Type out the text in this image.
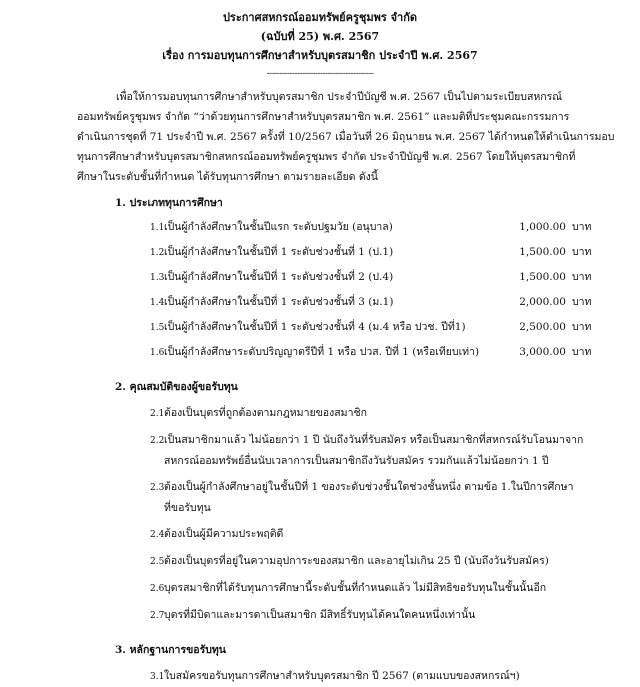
ประกาศสหกรณ์ออมทรัพย์ครูชุมพร จำกัด
(ฉบับที่ 25) พ.ศ. 2567
เรื่อง การมอบทุนการศึกษาสำหรับบุตรสมาชิก ประจำปี พ.ศ. 2567
------------------------------------------
เพื่อให้การมอบทุนการศึกษาสำหรับบุตรสมาชิก ประจำปีบัญชี พ.ศ. 2567 เป็นไปตามระเบียบสหกรณ์
ออมทรัพย์ครูชุมพร จำกัด “ว่าด้วยทุนการศึกษาสำหรับบุตรสมาชิก พ.ศ. 2561” และมติที่ประชุมคณะกรรมการ
ดำเนินการชุดที่ 71 ประจำปี พ.ศ. 2567 ครั้งที่ 10/2567 เมื่อวันที่ 26 มิถุนายน พ.ศ. 2567 ได้กำหนดให้ดำเนินการมอบ
ทุนการศึกษาสำหรับบุตรสมาชิกสหกรณ์ออมทรัพย์ครูชุมพร จำกัด ประจำปีบัญชี พ.ศ. 2567 โดยให้บุตรสมาชิกที่
ศึกษาในระดับชั้นที่กำหนด ได้รับทุนการศึกษา ตามรายละเอียด ดังนี้
1. ประเภททุนการศึกษา
1.1 เป็นผู้กำลังศึกษาในชั้นปีแรก ระดับปฐมวัย (อนุบาล)	1,000.00 บาท
1.2 เป็นผู้กำลังศึกษาในชั้นปีที่ 1 ระดับช่วงชั้นที่ 1 (ป.1)	1,500.00 บาท
1.3 เป็นผู้กำลังศึกษาในชั้นปีที่ 1 ระดับช่วงชั้นที่ 2 (ป.4)	1,500.00 บาท
1.4 เป็นผู้กำลังศึกษาในชั้นปีที่ 1 ระดับช่วงชั้นที่ 3 (ม.1)	2,000.00 บาท
1.5 เป็นผู้กำลังศึกษาในชั้นปีที่ 1 ระดับช่วงชั้นที่ 4 (ม.4 หรือ ปวช. ปีที่1)	2,500.00 บาท
1.6 เป็นผู้กำลังศึกษาระดับปริญญาตรีปีที่ 1 หรือ ปวส. ปีที่ 1 (หรือเทียบเท่า)	3,000.00 บาท
2. คุณสมบัติของผู้ขอรับทุน
2.1ต้องเป็นบุตรที่ถูกต้องตามกฎหมายของสมาชิก
2.2เป็นสมาชิกมาแล้ว ไม่น้อยกว่า 1 ปี นับถึงวันที่รับสมัคร หรือเป็นสมาชิกที่สหกรณ์รับโอนมาจาก
สหกรณ์ออมทรัพย์อื่นนับเวลาการเป็นสมาชิกถึงวันรับสมัคร รวมกันแล้วไม่น้อยกว่า 1 ปี
2.3ต้องเป็นผู้กำลังศึกษาอยู่ในชั้นปีที่ 1 ของระดับช่วงชั้นใดช่วงชั้นหนึ่ง ตามข้อ 1.ในปีการศึกษา
ที่ขอรับทุน
2.4ต้องเป็นผู้มีความประพฤติดี
2.5ต้องเป็นบุตรที่อยู่ในความอุปการะของสมาชิก และอายุไม่เกิน 25 ปี (นับถึงวันรับสมัคร)
2.6บุตรสมาชิกที่ได้รับทุนการศึกษานี้ระดับชั้นที่กำหนดแล้ว ไม่มีสิทธิขอรับทุนในชั้นนั้นอีก
2.7บุตรที่มีบิดาและมารดาเป็นสมาชิก มีสิทธิ์รับทุนได้คนใดคนหนึ่งเท่านั้น
3. หลักฐานการขอรับทุน
3.1ใบสมัครขอรับทุนการศึกษาสำหรับบุตรสมาชิก ปี 2567 (ตามแบบของสหกรณ์ฯ)
